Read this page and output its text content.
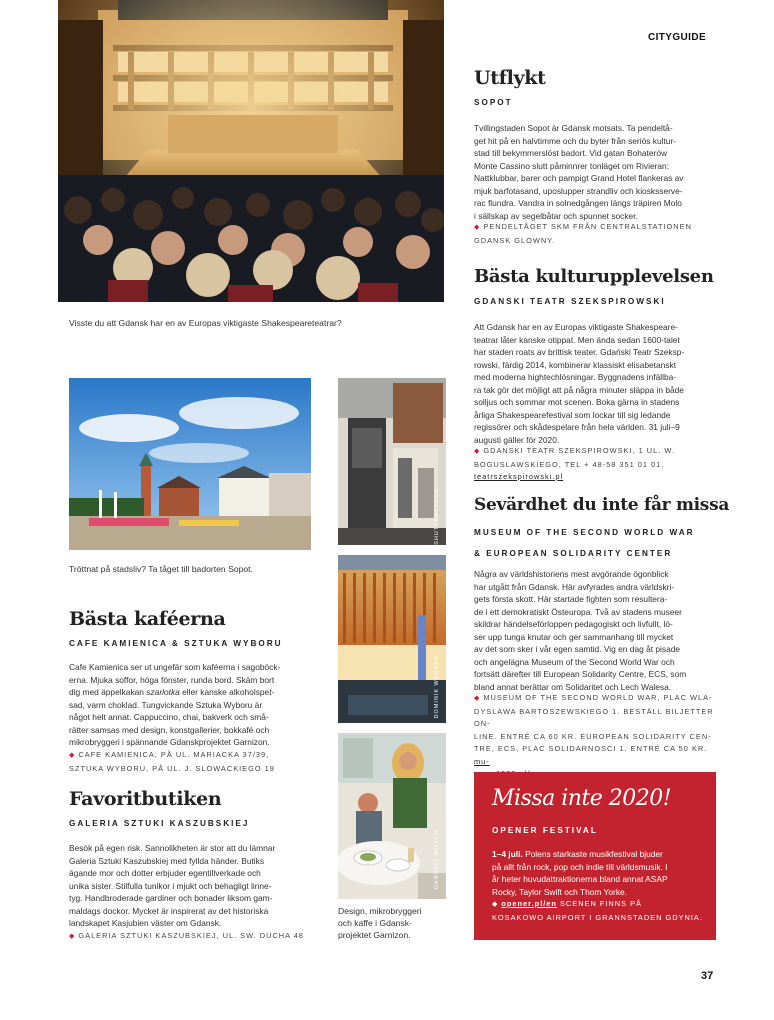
CITYGUIDE
Visste du att Gdansk har en av Europas viktigaste Shakespeareteatrar?
Tröttnat på stadsliv? Ta tåget till badorten Sopot.
SHUTTERSTOCK
DOMINIK WERNER
DARIUSZ WOJCIK
Design, mikrobryggeri
och kaffe i Gdansk-
projektet Garnizon.
Utflykt
SOPOT
Tvillingstaden Sopot är Gdansk motsats. Ta pendeltå-
get hit på en halvtimme och du byter från seriös kultur-
stad till bekymmerslöst badort. Vid gatan Bohaterów
Monte Cassino slutt påminnrer tonläget om Rivieran:
Nattklubbar, barer och pampigt Grand Hotel flankeras av
mjuk barfotasand, uposlupper strandliv och kiosksserve-
rac flundra. Vandra in solnedgången längs träpiren Molo
i sällskap av segelbåtar och spunnet socker.
◆ PENDELTÅGET SKM FRÅN CENTRALSTATIONEN
GDANSK GLOWNY.
Bästa kulturupplevelsen
GDANSKI TEATR SZEKSPIROWSKI
Att Gdansk har en av Europas viktigaste Shakespeare-
teatrar låter kanske otippat. Men ända sedan 1600-talet
har staden roats av brittisk teater. Gdański Teatr Szeksp-
rowski, färdig 2014, kombinerar klassiskt elisabetanskt
med moderna hightechlösningar. Byggnadens infällba-
ra tak gör det möjligt att på några minuter släppa in både
solljus och sommar mot scenen. Boka gärna in stadens
årliga Shakespearefestival som lockar till sig ledande
regissörer och skådespelare från hela världen. 31 juli–9
augusti gäller för 2020.
◆ GDANSKI TEATR SZEKSPIROWSKI, 1 UL. W.
BOGUSLAWSKIEGO, TEL + 48-58 351 01 01,
teatrszekspirowski.pl
Sevärdhet du inte får missa
MUSEUM OF THE SECOND WORLD WAR
& EUROPEAN SOLIDARITY CENTER
Några av världshistoriens mest avgörande ögonblick
har utgått från Gdansk. Här avfyrades andra världskri-
gets första skott. Här startade fighten som resultera-
de i ett demokratiskt Östeuropa. Två av stadens museer
skildrar händelseförloppen pedagogiskt och livfullt, lö-
ser upp tunga knutar och ger sammanhang till mycket
av det som sker i vår egen samtid. Vig en dag åt pisade
och angelägna Museum of the Second World War och
fortsätt därefter till European Solidarity Centre, ECS, som
bland annat berättar om Solidaritet och Lech Walesa.
◆ MUSEUM OF THE SECOND WORLD WAR, PLAC WLA-
DYSLAWA BARTOSZEWSKIEGO 1. BESTÄLL BILJETTER ON-
LINE. ENTRÉ CA 60 KR. EUROPEAN SOLIDARITY CEN-
TRE, ECS, PLAC SOLIDARNOSCI 1. ENTRÉ CA 50 KR. mu-
Bästa kaféerna
CAFE KAMIENICA & SZTUKA WYBORU
Cafe Kamienica ser ut ungefär som kaféerna i sagoböck-
erna. Mjuka soffor, höga fönster, runda bord. Skäm bort
dig med äppelkakan szarlotka eller kanske alkoholspet-
sad, varm choklad. Tungvickande Sztuka Wyboru är
något helt annat. Cappuccino, chai, bakverk och små-
rätter samsas med design, konstgallerier, bokkafé och
mikrobryggeri i spännande Gdanskprojektet Garnizon.
◆ CAFE KAMIENICA, PÅ UL. MARIACKA 37/39,
SZTUKA WYBORU, PÅ UL. J. SLOWACKIEGO 19
Favoritbutiken
GALERIA SZTUKI KASZUBSKIEJ
Besök på egen risk. Sannolikheten är stor att du lämnar
Galeria Sztuki Kaszubskiej med fyllda händer. Butiks
ägande mor och dotter erbjuder egentillverkade och
unika sister. Stilfulla tunikor i mjukt och behagligt linne-
tyg. Handbroderade gardiner och bonader liksom gam-
maldags dockor. Mycket är inspirerat av det historiska
landskapet Kasjubien väster om Gdansk.
◆ GALERIA SZTUKI KASZUBSKIEJ, UL. SW. DUCHA 48
Missa inte 2020!
OPENER FESTIVAL
1–4 juli. Polens starkaste musikfestival bjuder
på allt från rock, pop och indie till världsmusik. I
år heter huvudattraktionerna bland annat ASAP
Rocky, Taylor Swift och Thom Yorke.
◆ opener.pl/en SCENEN FINNS PÅ
KOSAKOWO AIRPORT I GRANNSTADEN GDYNIA.
37
